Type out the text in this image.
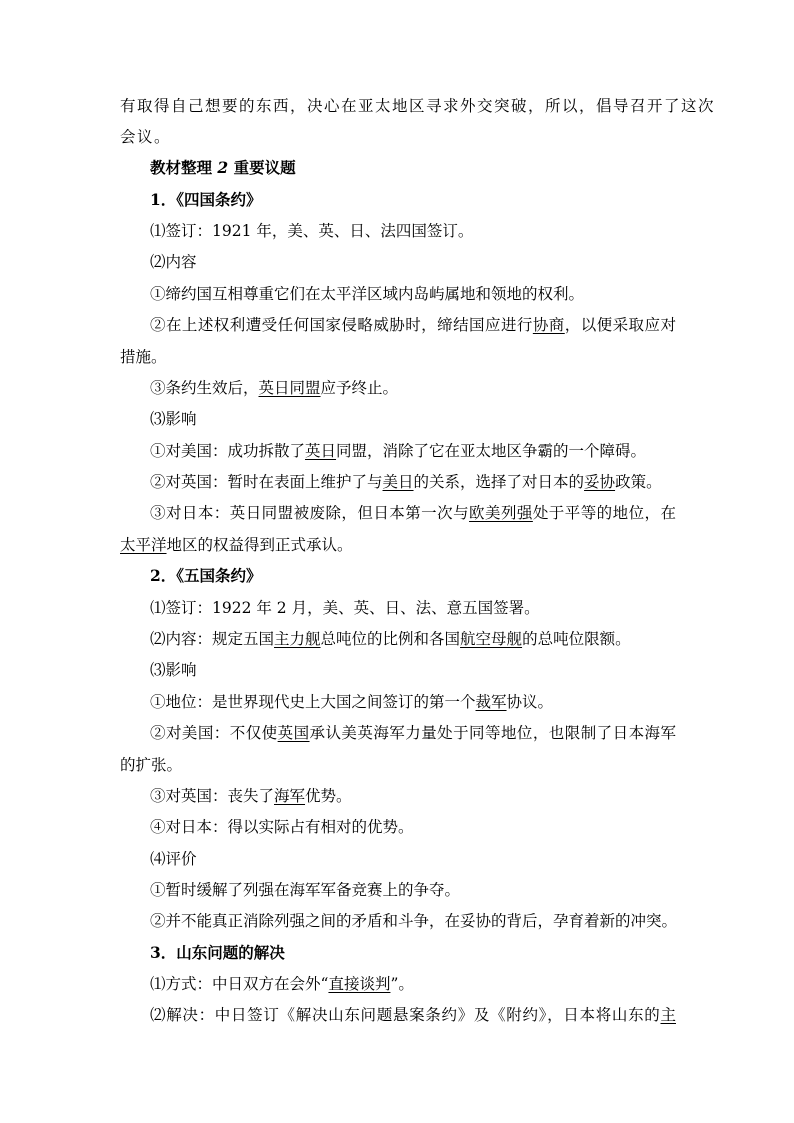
有取得自己想要的东西，决心在亚太地区寻求外交突破，所以，倡导召开了这次
会议。
教材整理 2 重要议题
1．《四国条约》
⑴签订：1921 年，美、英、日、法四国签订。
⑵内容
①缔约国互相尊重它们在太平洋区域内岛屿属地和领地的权利。
②在上述权利遭受任何国家侵略威胁时，缔结国应进行协商，以便采取应对
措施。
③条约生效后，英日同盟应予终止。
⑶影响
①对美国：成功拆散了英日同盟，消除了它在亚太地区争霸的一个障碍。
②对英国：暂时在表面上维护了与美日的关系，选择了对日本的妥协政策。
③对日本：英日同盟被废除，但日本第一次与欧美列强处于平等的地位，在
太平洋地区的权益得到正式承认。
2．《五国条约》
⑴签订：1922 年 2 月，美、英、日、法、意五国签署。
⑵内容：规定五国主力舰总吨位的比例和各国航空母舰的总吨位限额。
⑶影响
①地位：是世界现代史上大国之间签订的第一个裁军协议。
②对美国：不仅使英国承认美英海军力量处于同等地位，也限制了日本海军
的扩张。
③对英国：丧失了海军优势。
④对日本：得以实际占有相对的优势。
⑷评价
①暂时缓解了列强在海军军备竞赛上的争夺。
②并不能真正消除列强之间的矛盾和斗争，在妥协的背后，孕育着新的冲突。
3．山东问题的解决
⑴方式：中日双方在会外“直接谈判”。
⑵解决：中日签订《解决山东问题悬案条约》及《附约》，日本将山东的主
